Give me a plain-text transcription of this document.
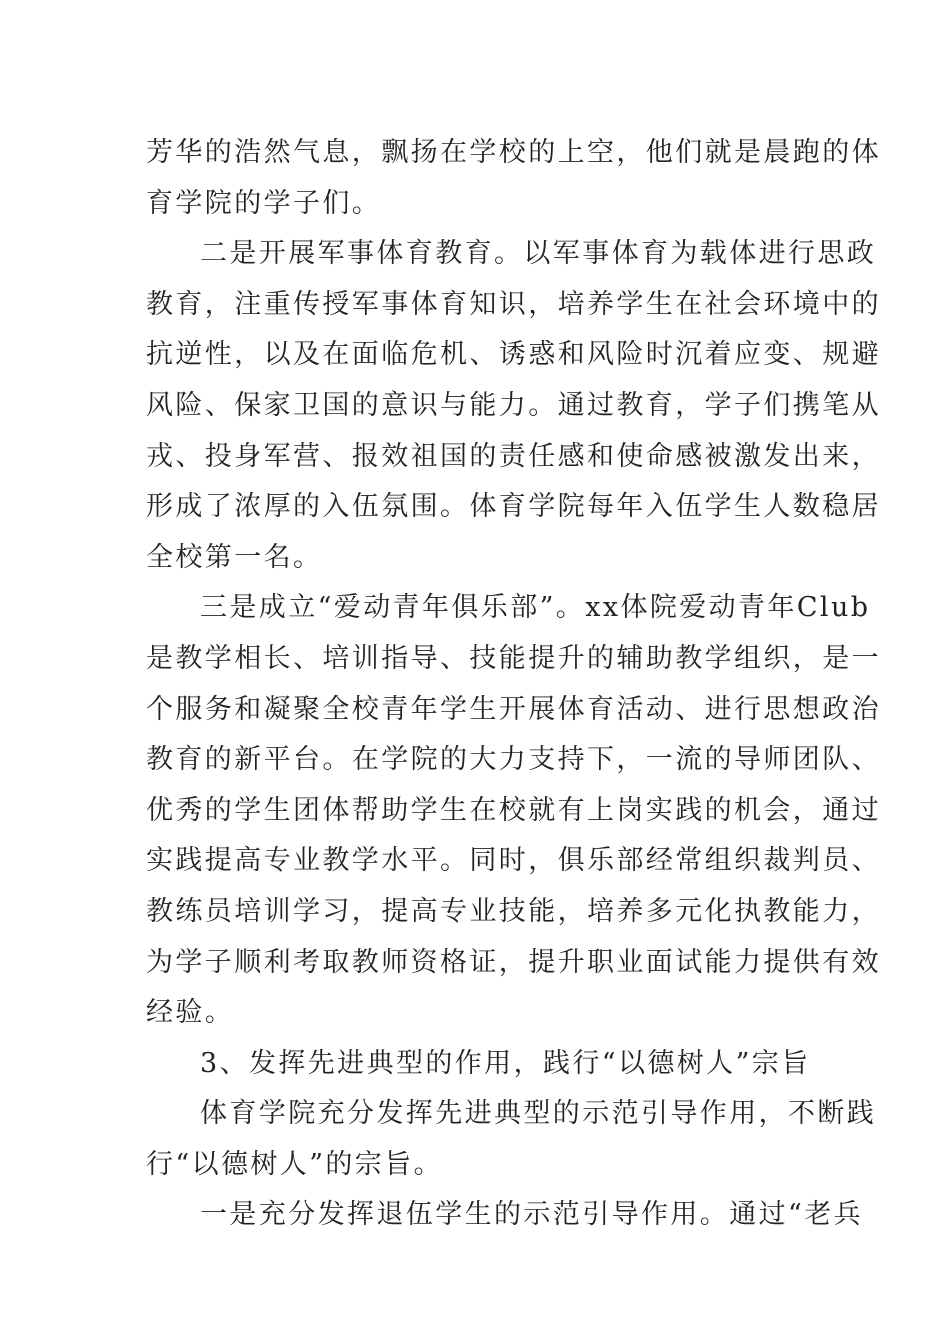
芳华的浩然气息，飘扬在学校的上空，他们就是晨跑的体
育学院的学子们。
二是开展军事体育教育。以军事体育为载体进行思政
教育，注重传授军事体育知识，培养学生在社会环境中的
抗逆性，以及在面临危机、诱惑和风险时沉着应变、规避
风险、保家卫国的意识与能力。通过教育，学子们携笔从
戎、投身军营、报效祖国的责任感和使命感被激发出来，
形成了浓厚的入伍氛围。体育学院每年入伍学生人数稳居
全校第一名。
三是成立“爱动青年俱乐部”。xx体院爱动青年Club
是教学相长、培训指导、技能提升的辅助教学组织，是一
个服务和凝聚全校青年学生开展体育活动、进行思想政治
教育的新平台。在学院的大力支持下，一流的导师团队、
优秀的学生团体帮助学生在校就有上岗实践的机会，通过
实践提高专业教学水平。同时，俱乐部经常组织裁判员、
教练员培训学习，提高专业技能，培养多元化执教能力，
为学子顺利考取教师资格证，提升职业面试能力提供有效
经验。
3、发挥先进典型的作用，践行“以德树人”宗旨
体育学院充分发挥先进典型的示范引导作用，不断践
行“以德树人”的宗旨。
一是充分发挥退伍学生的示范引导作用。通过“老兵
